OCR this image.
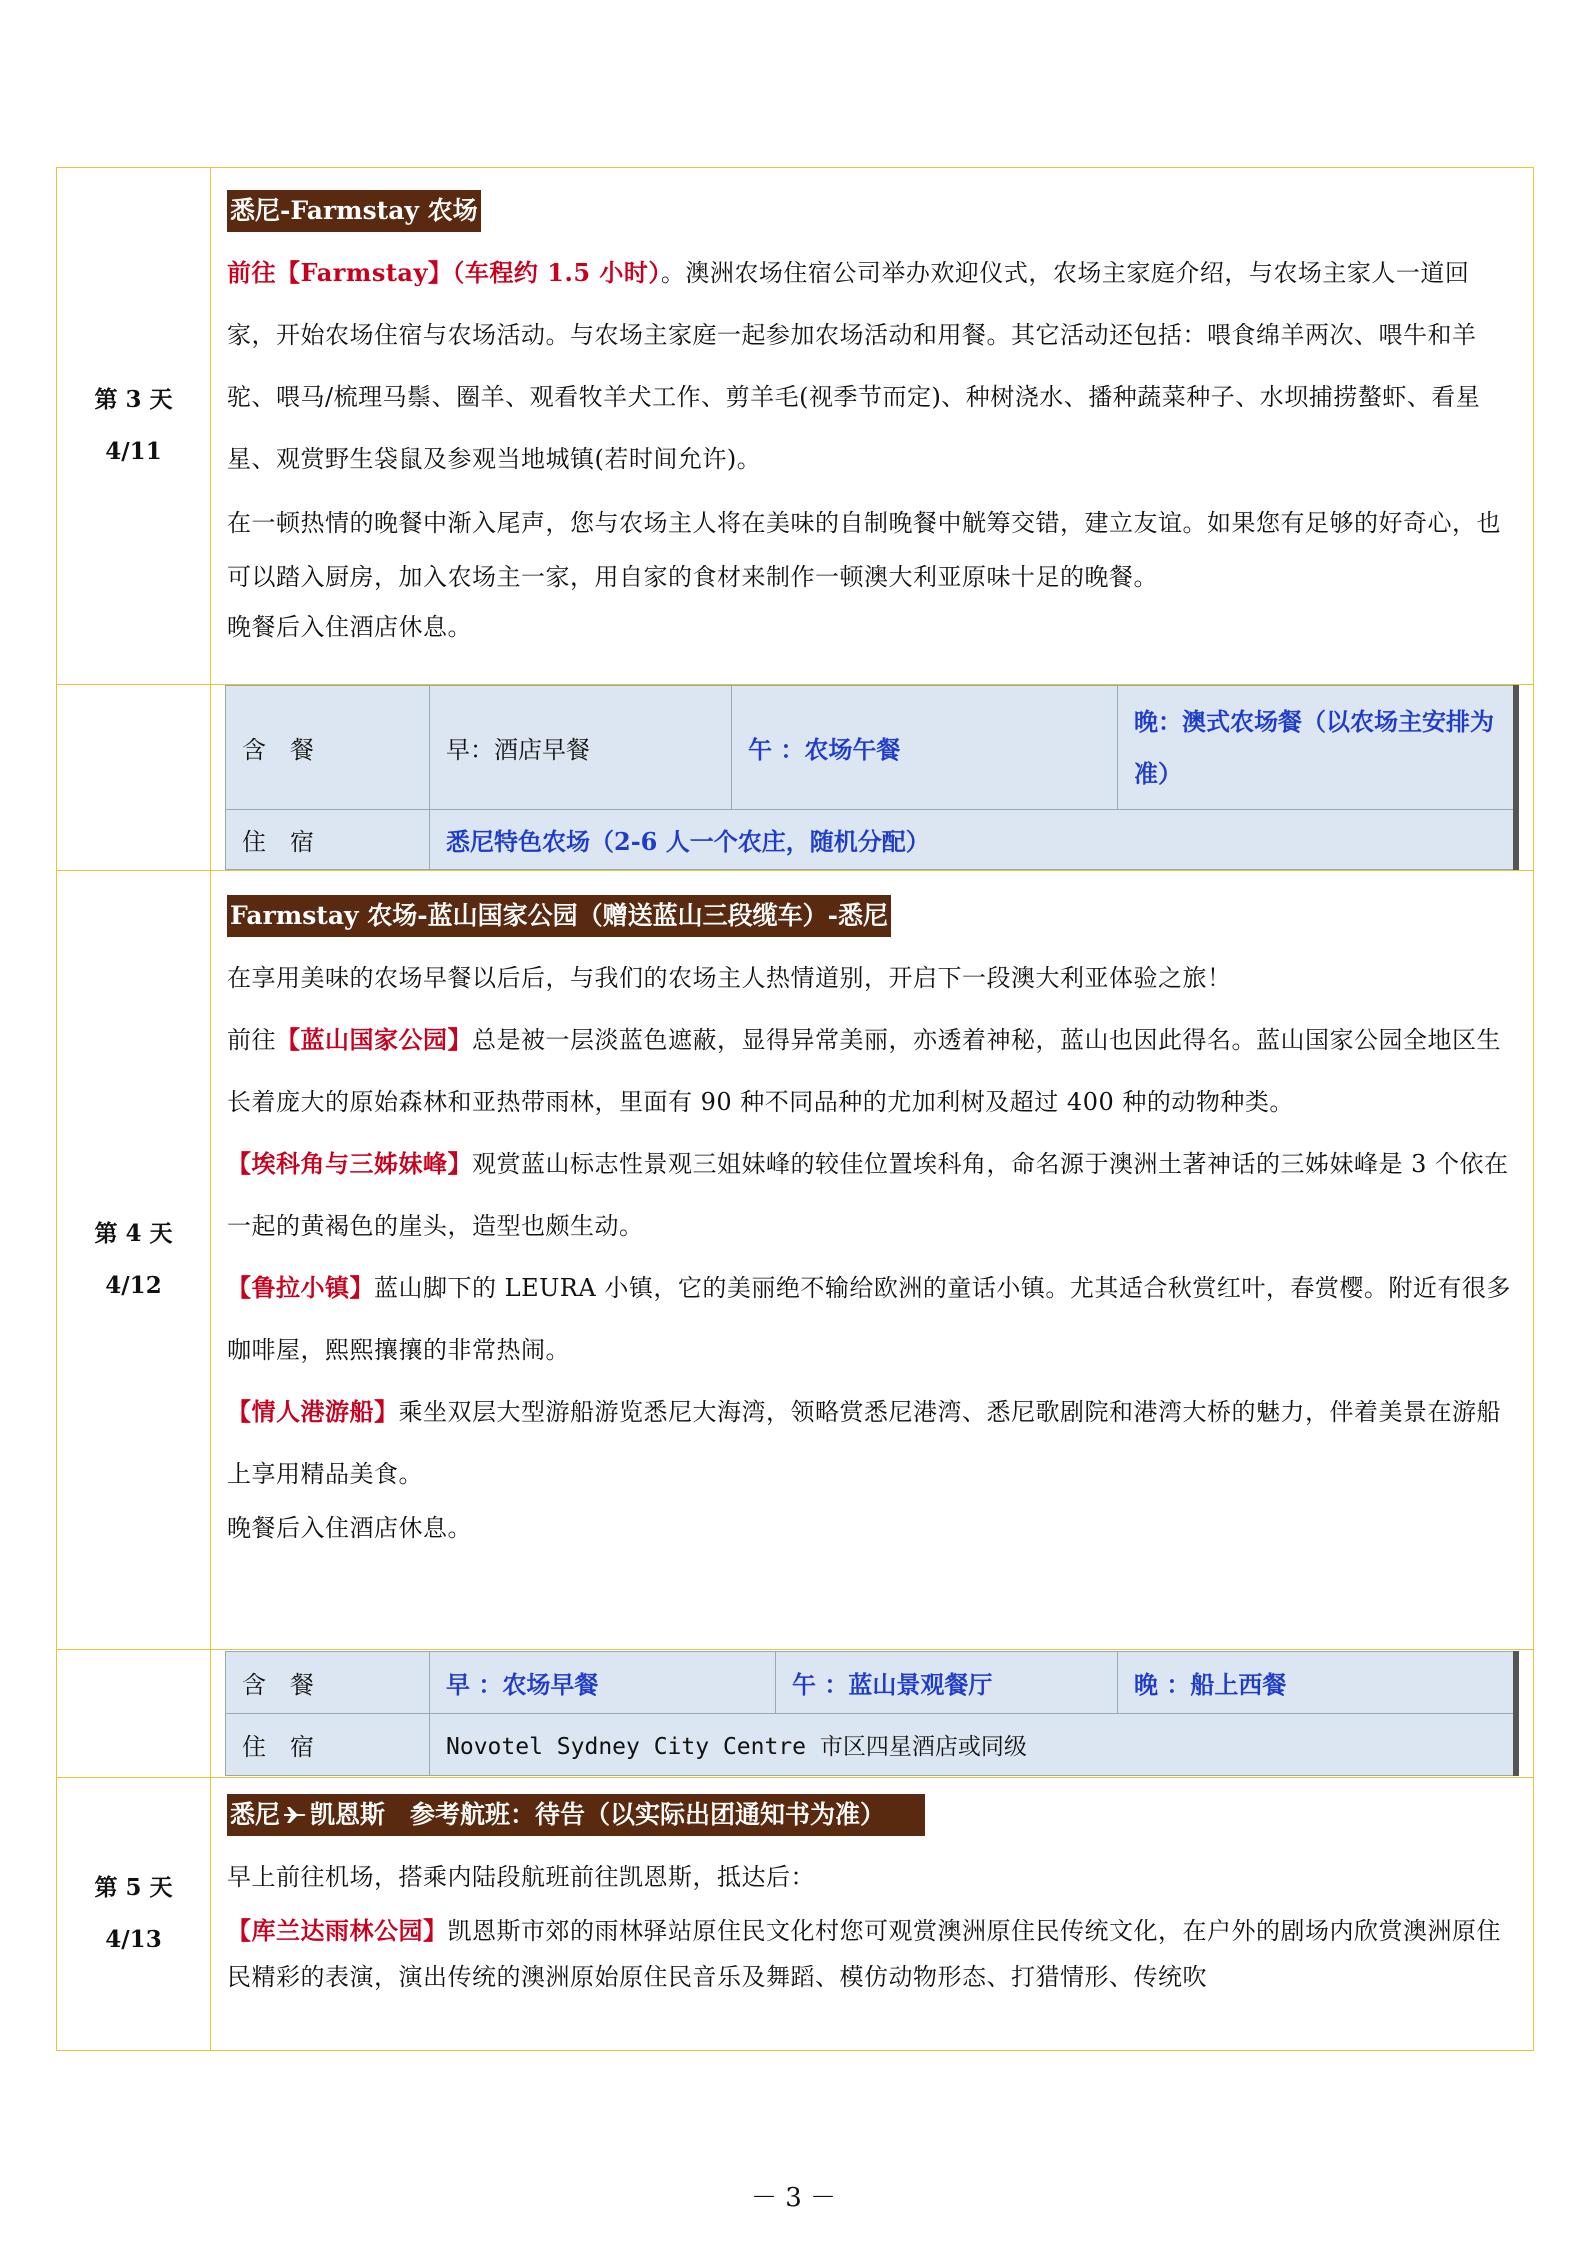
第 3 天
4/11

悉尼-Farmstay 农场

前往【Farmstay】（车程约 1.5 小时）。澳洲农场住宿公司举办欢迎仪式，农场主家庭介绍，与农场主家人一道回家，开始农场住宿与农场活动。与农场主家庭一起参加农场活动和用餐。其它活动还包括：喂食绵羊两次、喂牛和羊驼、喂马/梳理马鬃、圈羊、观看牧羊犬工作、剪羊毛(视季节而定)、种树浇水、播种蔬菜种子、水坝捕捞螯虾、看星星、观赏野生袋鼠及参观当地城镇(若时间允许)。

在一顿热情的晚餐中渐入尾声，您与农场主人将在美味的自制晚餐中觥筹交错，建立友谊。如果您有足够的好奇心，也可以踏入厨房，加入农场主一家，用自家的食材来制作一顿澳大利亚原味十足的晚餐。

晚餐后入住酒店休息。

含　餐	早：酒店早餐	午 ：农场午餐	晚：澳式农场餐（以农场主安排为准）
住　宿	悉尼特色农场（2-6 人一个农庄，随机分配）

第 4 天
4/12

Farmstay 农场-蓝山国家公园（赠送蓝山三段缆车）-悉尼

在享用美味的农场早餐以后后，与我们的农场主人热情道别，开启下一段澳大利亚体验之旅！

前往【蓝山国家公园】总是被一层淡蓝色遮蔽，显得异常美丽，亦透着神秘，蓝山也因此得名。蓝山国家公园全地区生长着庞大的原始森林和亚热带雨林，里面有 90 种不同品种的尤加利树及超过 400 种的动物种类。

【埃科角与三姊妹峰】观赏蓝山标志性景观三姐妹峰的较佳位置埃科角，命名源于澳洲土著神话的三姊妹峰是 3 个依在一起的黄褐色的崖头，造型也颇生动。

【鲁拉小镇】蓝山脚下的 LEURA 小镇，它的美丽绝不输给欧洲的童话小镇。尤其适合秋赏红叶，春赏樱。附近有很多咖啡屋，熙熙攘攘的非常热闹。

【情人港游船】乘坐双层大型游船游览悉尼大海湾，领略赏悉尼港湾、悉尼歌剧院和港湾大桥的魅力，伴着美景在游船上享用精品美食。

晚餐后入住酒店休息。

含　餐	早 ：农场早餐	午 ：蓝山景观餐厅	晚 ：船上西餐
住　宿	Novotel Sydney City Centre 市区四星酒店或同级

第 5 天
4/13

悉尼 凯恩斯　参考航班：待告（以实际出团通知书为准）

早上前往机场，搭乘内陆段航班前往凯恩斯，抵达后：

【库兰达雨林公园】凯恩斯市郊的雨林驿站原住民文化村您可观赏澳洲原住民传统文化，在户外的剧场内欣赏澳洲原住民精彩的表演，演出传统的澳洲原始原住民音乐及舞蹈、模仿动物形态、打猎情形、传统吹

－ 3 －
